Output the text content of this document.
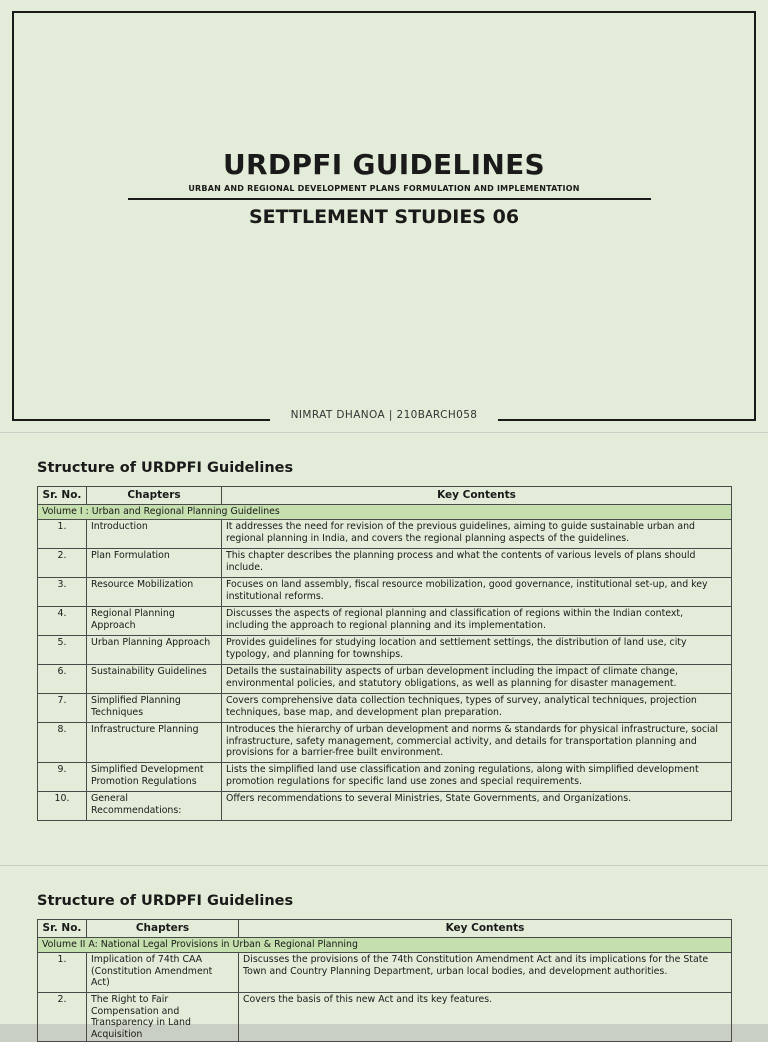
URDPFI GUIDELINES
URBAN AND REGIONAL DEVELOPMENT PLANS FORMULATION AND IMPLEMENTATION
SETTLEMENT STUDIES 06
NIMRAT DHANOA | 210BARCH058
Structure of URDPFI Guidelines
Sr. No.	Chapters	Key Contents
Volume I : Urban and Regional Planning Guidelines		
1.	Introduction	It addresses the need for revision of the previous guidelines, aiming to guide sustainable urban and regional planning in India, and covers the regional planning aspects of the guidelines.
2.	Plan Formulation	This chapter describes the planning process and what the contents of various levels of plans should include.
3.	Resource Mobilization	Focuses on land assembly, fiscal resource mobilization, good governance, institutional set-up, and key institutional reforms.
4.	Regional Planning Approach	Discusses the aspects of regional planning and classification of regions within the Indian context, including the approach to regional planning and its implementation.
5.	Urban Planning Approach	Provides guidelines for studying location and settlement settings, the distribution of land use, city typology, and planning for townships.
6.	Sustainability Guidelines	Details the sustainability aspects of urban development including the impact of climate change, environmental policies, and statutory obligations, as well as planning for disaster management.
7.	Simplified Planning Techniques	Covers comprehensive data collection techniques, types of survey, analytical techniques, projection techniques, base map, and development plan preparation.
8.	Infrastructure Planning	Introduces the hierarchy of urban development and norms & standards for physical infrastructure, social infrastructure, safety management, commercial activity, and details for transportation planning and provisions for a barrier-free built environment.
9.	Simplified Development Promotion Regulations	Lists the simplified land use classification and zoning regulations, along with simplified development promotion regulations for specific land use zones and special requirements.
10.	General Recommendations:	Offers recommendations to several Ministries, State Governments, and Organizations.
Structure of URDPFI Guidelines
Sr. No.	Chapters	Key Contents
Volume II A: National Legal Provisions in Urban & Regional Planning		
1.	Implication of 74th CAA (Constitution Amendment Act)	Discusses the provisions of the 74th Constitution Amendment Act and its implications for the State Town and Country Planning Department, urban local bodies, and development authorities.
2.	The Right to Fair Compensation and Transparency in Land Acquisition	Covers the basis of this new Act and its key features.
